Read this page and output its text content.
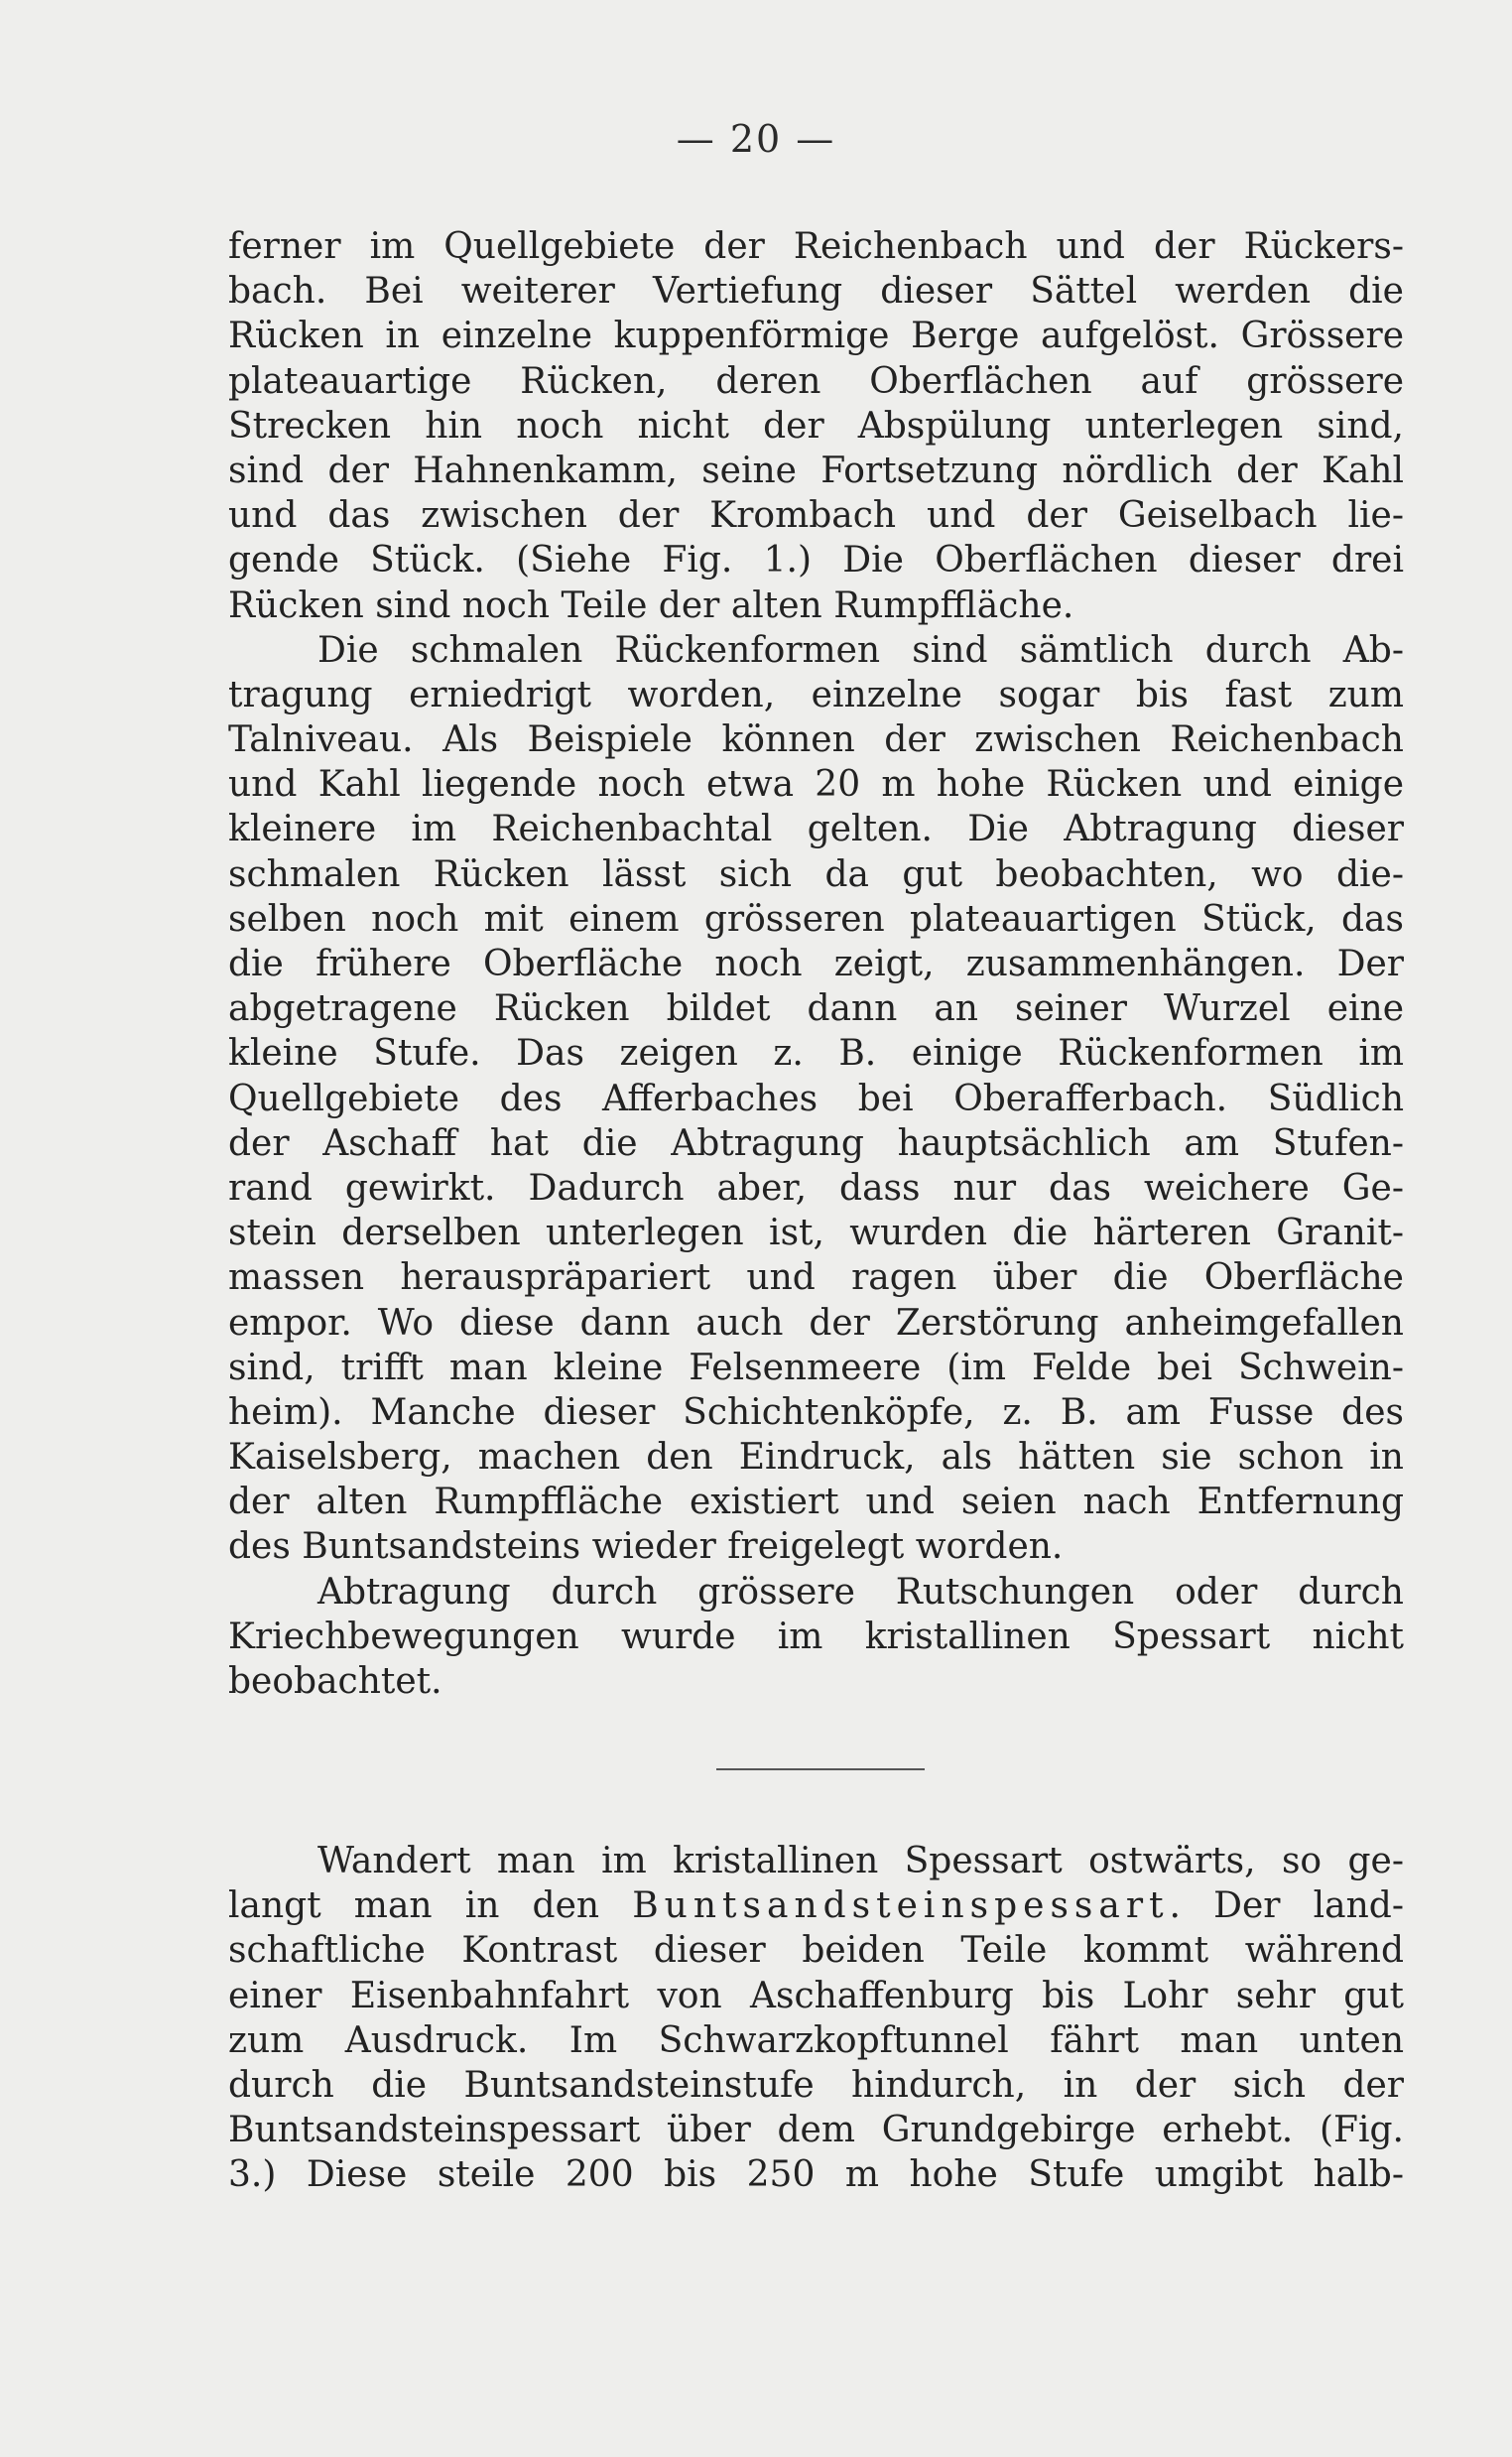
— 20 —
ferner im Quellgebiete der Reichenbach und der Rückers-
bach. Bei weiterer Vertiefung dieser Sättel werden die
Rücken in einzelne kuppenförmige Berge aufgelöst. Grössere
plateauartige Rücken, deren Oberflächen auf grössere
Strecken hin noch nicht der Abspülung unterlegen sind,
sind der Hahnenkamm, seine Fortsetzung nördlich der Kahl
und das zwischen der Krombach und der Geiselbach lie-
gende Stück. (Siehe Fig. 1.) Die Oberflächen dieser drei
Rücken sind noch Teile der alten Rumpffläche.
Die schmalen Rückenformen sind sämtlich durch Ab-
tragung erniedrigt worden, einzelne sogar bis fast zum
Talniveau. Als Beispiele können der zwischen Reichenbach
und Kahl liegende noch etwa 20 m hohe Rücken und einige
kleinere im Reichenbachtal gelten. Die Abtragung dieser
schmalen Rücken lässt sich da gut beobachten, wo die-
selben noch mit einem grösseren plateauartigen Stück, das
die frühere Oberfläche noch zeigt, zusammenhängen. Der
abgetragene Rücken bildet dann an seiner Wurzel eine
kleine Stufe. Das zeigen z. B. einige Rückenformen im
Quellgebiete des Afferbaches bei Oberafferbach. Südlich
der Aschaff hat die Abtragung hauptsächlich am Stufen-
rand gewirkt. Dadurch aber, dass nur das weichere Ge-
stein derselben unterlegen ist, wurden die härteren Granit-
massen herauspräpariert und ragen über die Oberfläche
empor. Wo diese dann auch der Zerstörung anheimgefallen
sind, trifft man kleine Felsenmeere (im Felde bei Schwein-
heim). Manche dieser Schichtenköpfe, z. B. am Fusse des
Kaiselsberg, machen den Eindruck, als hätten sie schon in
der alten Rumpffläche existiert und seien nach Entfernung
des Buntsandsteins wieder freigelegt worden.
Abtragung durch grössere Rutschungen oder durch
Kriechbewegungen wurde im kristallinen Spessart nicht
beobachtet.
Wandert man im kristallinen Spessart ostwärts, so ge-
langt man in den Buntsandsteinspessart. Der land-
schaftliche Kontrast dieser beiden Teile kommt während
einer Eisenbahnfahrt von Aschaffenburg bis Lohr sehr gut
zum Ausdruck. Im Schwarzkopftunnel fährt man unten
durch die Buntsandsteinstufe hindurch, in der sich der
Buntsandsteinspessart über dem Grundgebirge erhebt. (Fig.
3.) Diese steile 200 bis 250 m hohe Stufe umgibt halb-
